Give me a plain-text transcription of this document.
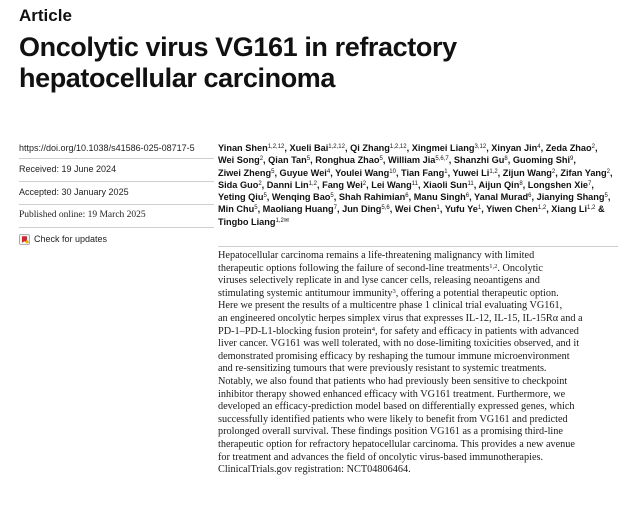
Article
Oncolytic virus VG161 in refractory
hepatocellular carcinoma
https://doi.org/10.1038/s41586-025-08717-5
Received: 19 June 2024
Accepted: 30 January 2025
Published online: 19 March 2025
Check for updates
Yinan Shen$^{1,2,12}$, Xueli Bai$^{1,2,12}$, Qi Zhang$^{1,2,12}$, Xingmei Liang$^{3,12}$, Xinyan Jin$^4$, Zeda Zhao$^2$,
Wei Song$^2$, Qian Tan$^5$, Ronghua Zhao$^5$, William Jia$^{5,6,7}$, Shanzhi Gu$^8$, Guoming Shi$^9$,
Ziwei Zheng$^5$, Guyue Wei$^4$, Youlei Wang$^{10}$, Tian Fang$^1$, Yuwei Li$^{1,2}$, Zijun Wang$^2$, Zifan Yang$^2$,
Sida Guo$^2$, Danni Lin$^{1,2}$, Fang Wei$^2$, Lei Wang$^{11}$, Xiaoli Sun$^{11}$, Aijun Qin$^8$, Longshen Xie$^7$,
Yeting Qiu$^5$, Wenqing Bao$^5$, Shah Rahimian$^6$, Manu Singh$^6$, Yanal Murad$^6$, Jianying Shang$^5$,
Min Chu$^5$, Maoliang Huang$^7$, Jun Ding$^{5,6}$, Wei Chen$^1$, Yufu Ye$^1$, Yiwen Chen$^{1,2}$, Xiang Li$^{1,2}$ &
Tingbo Liang$^{1,2✉}$
Hepatocellular carcinoma remains a life-threatening malignancy with limited
therapeutic options following the failure of second-line treatments$^{1,2}$. Oncolytic
viruses selectively replicate in and lyse cancer cells, releasing neoantigens and
stimulating systemic antitumour immunity$^3$, offering a potential therapeutic option.
Here we present the results of a multicentre phase 1 clinical trial evaluating VG161,
an engineered oncolytic herpes simplex virus that expresses IL-12, IL-15, IL-15Rα and a
PD-1–PD-L1-blocking fusion protein$^4$, for safety and efficacy in patients with advanced
liver cancer. VG161 was well tolerated, with no dose-limiting toxicities observed, and it
demonstrated promising efficacy by reshaping the tumour immune microenvironment
and re-sensitizing tumours that were previously resistant to systemic treatments.
Notably, we also found that patients who had previously been sensitive to checkpoint
inhibitor therapy showed enhanced efficacy with VG161 treatment. Furthermore, we
developed an efficacy-prediction model based on differentially expressed genes, which
successfully identified patients who were likely to benefit from VG161 and predicted
prolonged overall survival. These findings position VG161 as a promising third-line
therapeutic option for refractory hepatocellular carcinoma. This provides a new avenue
for treatment and advances the field of oncolytic virus-based immunotherapies.
ClinicalTrials.gov registration: NCT04806464.
